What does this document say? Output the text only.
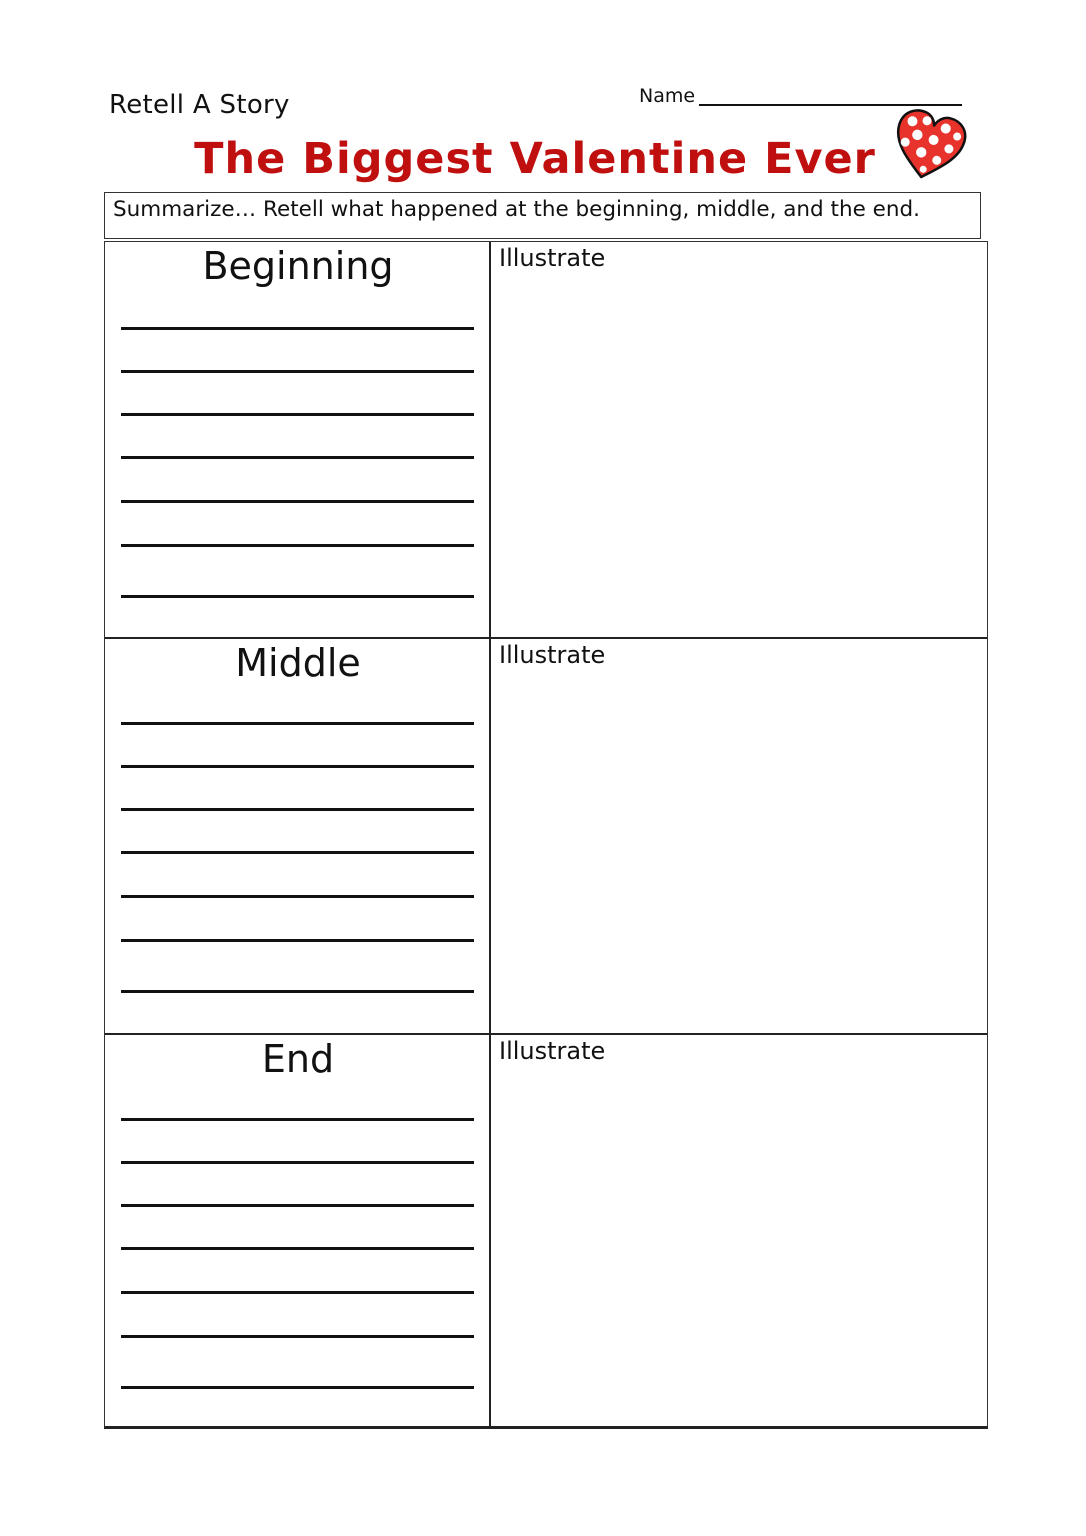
Retell A Story	Name
The Biggest Valentine Ever
Summarize… Retell what happened at the beginning, middle, and the end.
Beginning	Illustrate
Middle	Illustrate
End	Illustrate
